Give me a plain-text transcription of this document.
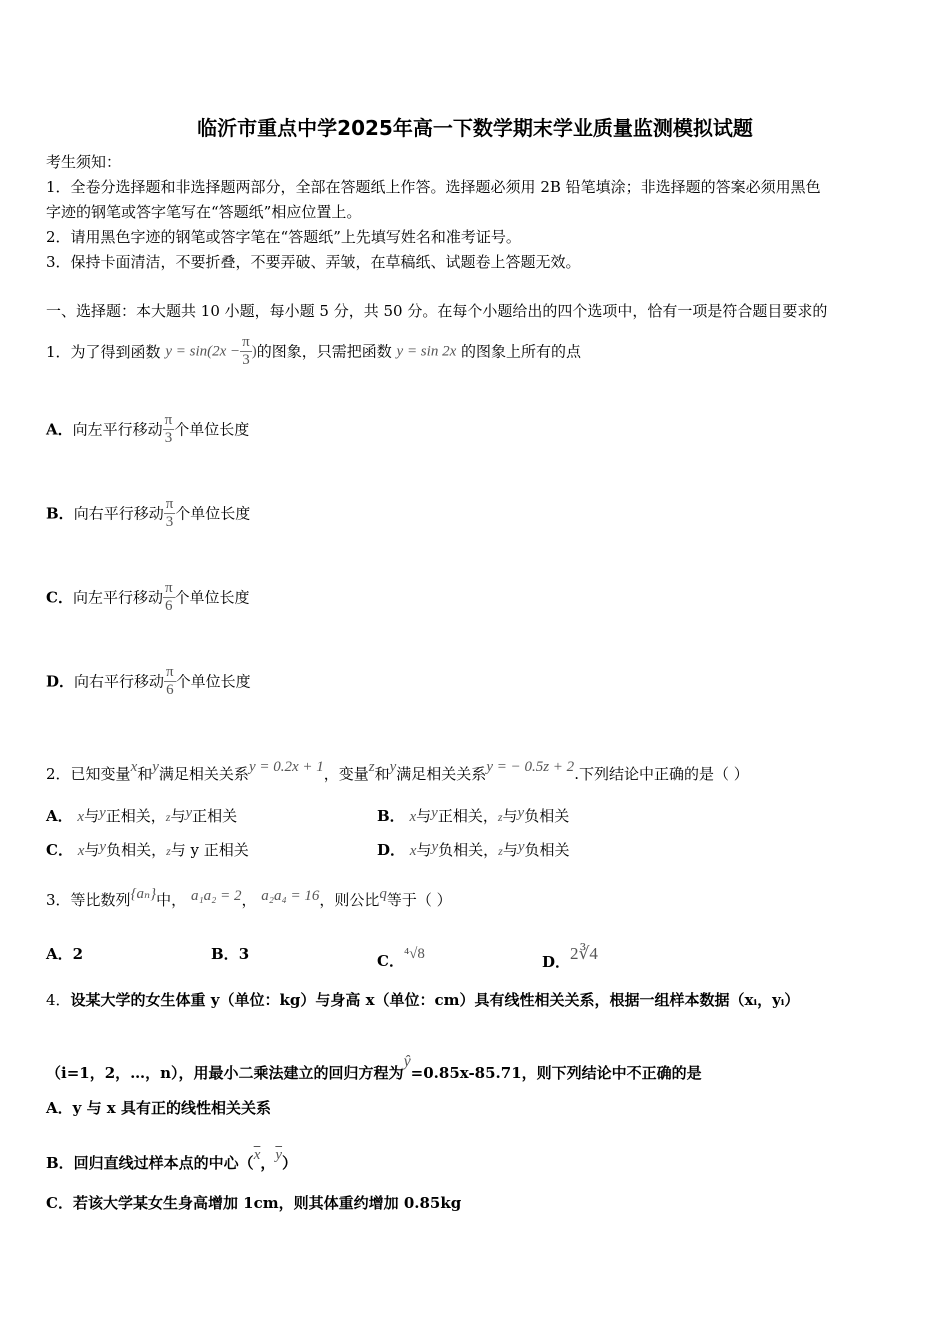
临沂市重点中学2025年高一下数学期末学业质量监测模拟试题
考生须知：
1．全卷分选择题和非选择题两部分，全部在答题纸上作答。选择题必须用 2B 铅笔填涂；非选择题的答案必须用黑色
字迹的钢笔或答字笔写在“答题纸”相应位置上。
2．请用黑色字迹的钢笔或答字笔在“答题纸”上先填写姓名和准考证号。
3．保持卡面清洁，不要折叠，不要弄破、弄皱，在草稿纸、试题卷上答题无效。
一、选择题：本大题共 10 小题，每小题 5 分，共 50 分。在每个小题给出的四个选项中，恰有一项是符合题目要求的
1．为了得到函数 $y = \sin(2x - \frac{\pi}{3}$ )的图象，只需把函数 y = sin 2x 的图象上所有的点
A．向左平行移动 $\frac{\pi}{3}$ 个单位长度
B．向右平行移动 $\frac{\pi}{3}$ 个单位长度
C．向左平行移动 $\frac{\pi}{6}$ 个单位长度
D．向右平行移动 $\frac{\pi}{6}$ 个单位长度
2．已知变量x和y满足相关关系y = 0.2x + 1，变量z和y满足相关关系y = − 0.5z + 2.下列结论中正确的是（ ）
A． x与y正相关，z与y正相关	B． x与y正相关，z与y负相关
C． x与y负相关，z与 y 正相关	D． x与y负相关，z与y负相关
3．等比数列{aₙ}中， a₁a₂ = 2， a₂a₄ = 16，则公比q等于（ ）
A．2	B．3	C．⁴√8	D．2∛4
4．设某大学的女生体重 y（单位：kg）与身高 x（单位：cm）具有线性相关关系，根据一组样本数据（xᵢ，yᵢ）
（i=1，2，…，n），用最小二乘法建立的回归方程为ŷ=0.85x-85.71，则下列结论中不正确的是
A．y 与 x 具有正的线性相关关系
B．回归直线过样本点的中心（$\overline{x}$，$\overline{y}$）
C．若该大学某女生身高增加 1cm，则其体重约增加 0.85kg
